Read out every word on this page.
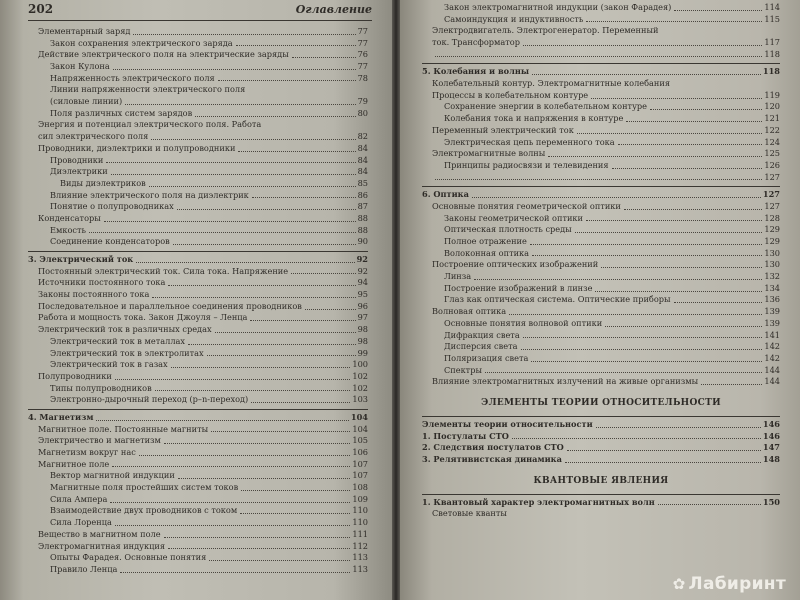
202	Оглавление
Элементарный заряд	77
Закон сохранения электрического заряда	77
Действие электрического поля на электрические заряды	76
Закон Кулона	77
Напряженность электрического поля	78
Линии напряженности электрического поля
(силовые линии)	79
Поля различных систем зарядов	80
Энергия и потенциал электрического поля. Работа
сил электрического поля	82
Проводники, диэлектрики и полупроводники	84
Проводники	84
Диэлектрики	84
Виды диэлектриков	85
Влияние электрического поля на диэлектрик	86
Понятие о полупроводниках	87
Конденсаторы	88
Емкость	88
Соединение конденсаторов	90
3. Электрический ток	92
Постоянный электрический ток. Сила тока. Напряжение	92
Источники постоянного тока	94
Законы постоянного тока	95
Последовательное и параллельное соединения проводников	96
Работа и мощность тока. Закон Джоуля – Ленца	97
Электрический ток в различных средах	98
Электрический ток в металлах	98
Электрический ток в электролитах	99
Электрический ток в газах	100
Полупроводники	102
Типы полупроводников	102
Электронно-дырочный переход (p–n-переход)	103
4. Магнетизм	104
Магнитное поле. Постоянные магниты	104
Электричество и магнетизм	105
Магнетизм вокруг нас	106
Магнитное поле	107
Вектор магнитной индукции	107
Магнитные поля простейших систем токов	108
Сила Ампера	109
Взаимодействие двух проводников с током	110
Сила Лоренца	110
Вещество в магнитном поле	111
Электромагнитная индукция	112
Опыты Фарадея. Основные понятия	113
Правило Ленца	113
Закон электромагнитной индукции (закон Фарадея)	114
Самоиндукция и индуктивность	115
Электродвигатель. Электрогенератор. Переменный
ток. Трансформатор	117
118
5. Колебания и волны	118
Колебательный контур. Электромагнитные колебания
Процессы в колебательном контуре	119
Сохранение энергии в колебательном контуре	120
Колебания тока и напряжения в контуре	121
Переменный электрический ток	122
Электрическая цепь переменного тока	124
Электромагнитные волны	125
Принципы радиосвязи и телевидения	126
127
6. Оптика	127
Основные понятия геометрической оптики	127
Законы геометрической оптики	128
Оптическая плотность среды	129
Полное отражение	129
Волоконная оптика	130
Построение оптических изображений	130
Линза	132
Построение изображений в линзе	134
Глаз как оптическая система. Оптические приборы	136
Волновая оптика	139
Основные понятия волновой оптики	139
Дифракция света	141
Дисперсия света	142
Поляризация света	142
Спектры	144
Влияние электромагнитных излучений на живые организмы	144
ЭЛЕМЕНТЫ ТЕОРИИ ОТНОСИТЕЛЬНОСТИ
Элементы теории относительности	146
1. Постулаты СТО	146
2. Следствия постулатов СТО	147
3. Релятивистская динамика	148
КВАНТОВЫЕ ЯВЛЕНИЯ
1. Квантовый характер электромагнитных волн	150
Световые кванты
✿ Лабиринт
